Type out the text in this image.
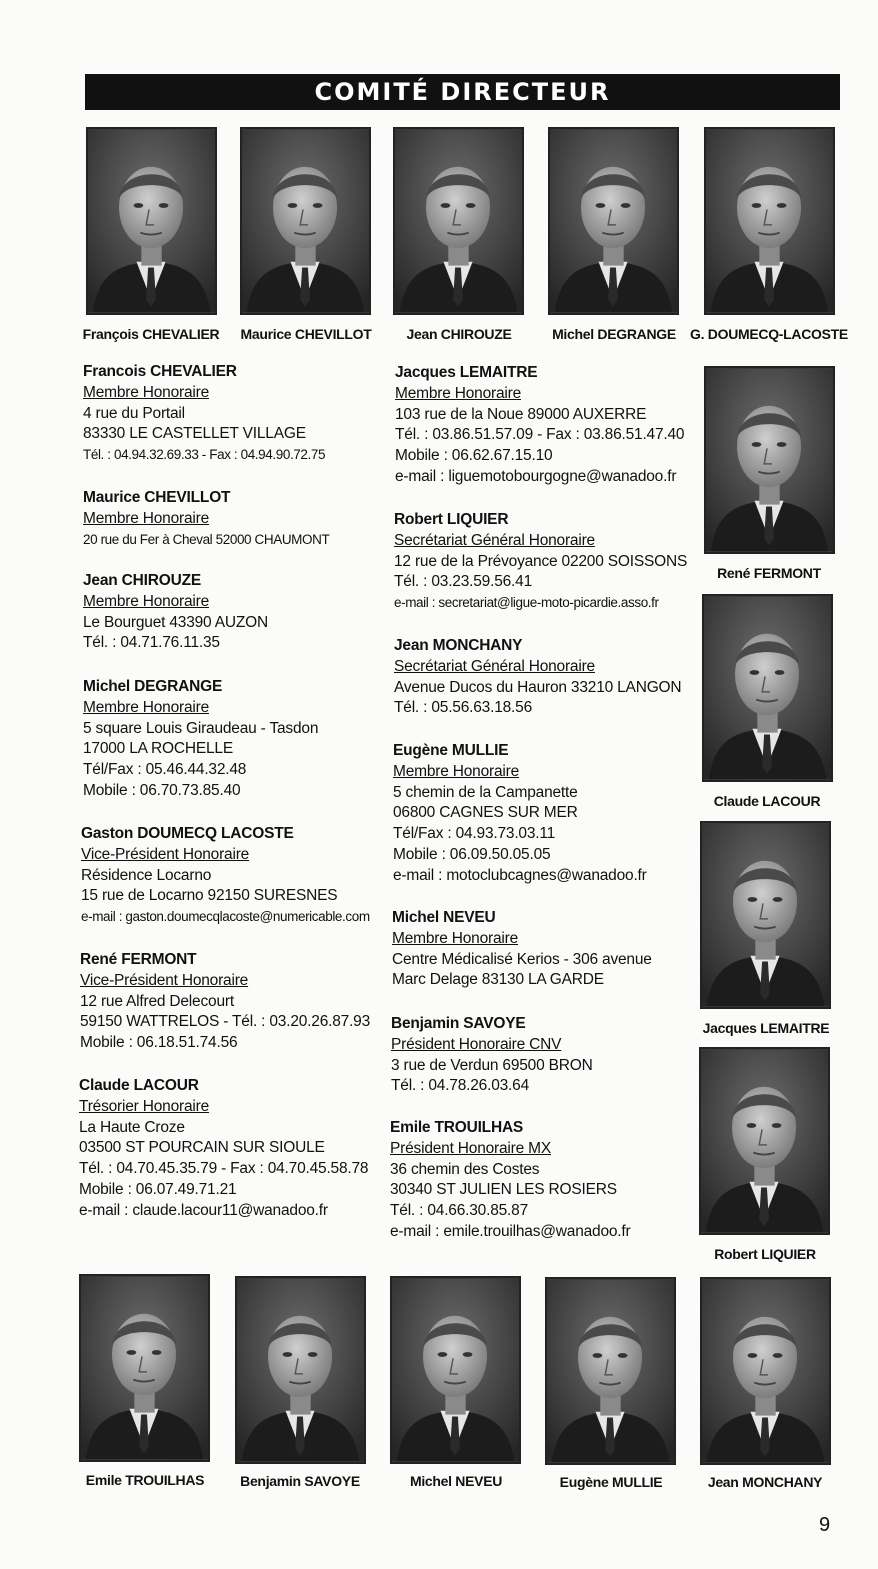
COMITÉ DIRECTEUR
François CHEVALIER Maurice CHEVILLOT Jean CHIROUZE	Michel DEGRANGE G. DOUMECQ-LACOSTE
René FERMONT
Claude LACOUR
Jacques LEMAITRE
Robert LIQUIER
Francois CHEVALIER
Membre Honoraire
4 rue du Portail
83330 LE CASTELLET VILLAGE
Tél. : 04.94.32.69.33 - Fax : 04.94.90.72.75
Maurice CHEVILLOT
Membre Honoraire
20 rue du Fer à Cheval 52000 CHAUMONT
Jean CHIROUZE
Membre Honoraire
Le Bourguet 43390 AUZON
Tél. : 04.71.76.11.35
Michel DEGRANGE
Membre Honoraire
5 square Louis Giraudeau - Tasdon
17000 LA ROCHELLE
Tél/Fax : 05.46.44.32.48
Mobile : 06.70.73.85.40
Gaston DOUMECQ LACOSTE
Vice-Président Honoraire
Résidence Locarno
15 rue de Locarno 92150 SURESNES
e-mail : gaston.doumecqlacoste@numericable.com
René FERMONT
Vice-Président Honoraire
12 rue Alfred Delecourt
59150 WATTRELOS - Tél. : 03.20.26.87.93
Mobile : 06.18.51.74.56
Claude LACOUR
Trésorier Honoraire
La Haute Croze
03500 ST POURCAIN SUR SIOULE
Tél. : 04.70.45.35.79 - Fax : 04.70.45.58.78
Mobile : 06.07.49.71.21
e-mail : claude.lacour11@wanadoo.fr
Jacques LEMAITRE
Membre Honoraire
103 rue de la Noue 89000 AUXERRE
Tél. : 03.86.51.57.09 - Fax : 03.86.51.47.40
Mobile : 06.62.67.15.10
e-mail : liguemotobourgogne@wanadoo.fr
Robert LIQUIER
Secrétariat Général Honoraire
12 rue de la Prévoyance 02200 SOISSONS
Tél. : 03.23.59.56.41
e-mail : secretariat@ligue-moto-picardie.asso.fr
Jean MONCHANY
Secrétariat Général Honoraire
Avenue Ducos du Hauron 33210 LANGON
Tél. : 05.56.63.18.56
Eugène MULLIE
Membre Honoraire
5 chemin de la Campanette
06800 CAGNES SUR MER
Tél/Fax : 04.93.73.03.11
Mobile : 06.09.50.05.05
e-mail : motoclubcagnes@wanadoo.fr
Michel NEVEU
Membre Honoraire
Centre Médicalisé Kerios - 306 avenue
Marc Delage 83130 LA GARDE
Benjamin SAVOYE
Président Honoraire CNV
3 rue de Verdun 69500 BRON
Tél. : 04.78.26.03.64
Emile TROUILHAS
Président Honoraire MX
36 chemin des Costes
30340 ST JULIEN LES ROSIERS
Tél. : 04.66.30.85.87
e-mail : emile.trouilhas@wanadoo.fr
Emile TROUILHAS	Benjamin SAVOYE	Michel NEVEU	Eugène MULLIE	Jean MONCHANY
9
